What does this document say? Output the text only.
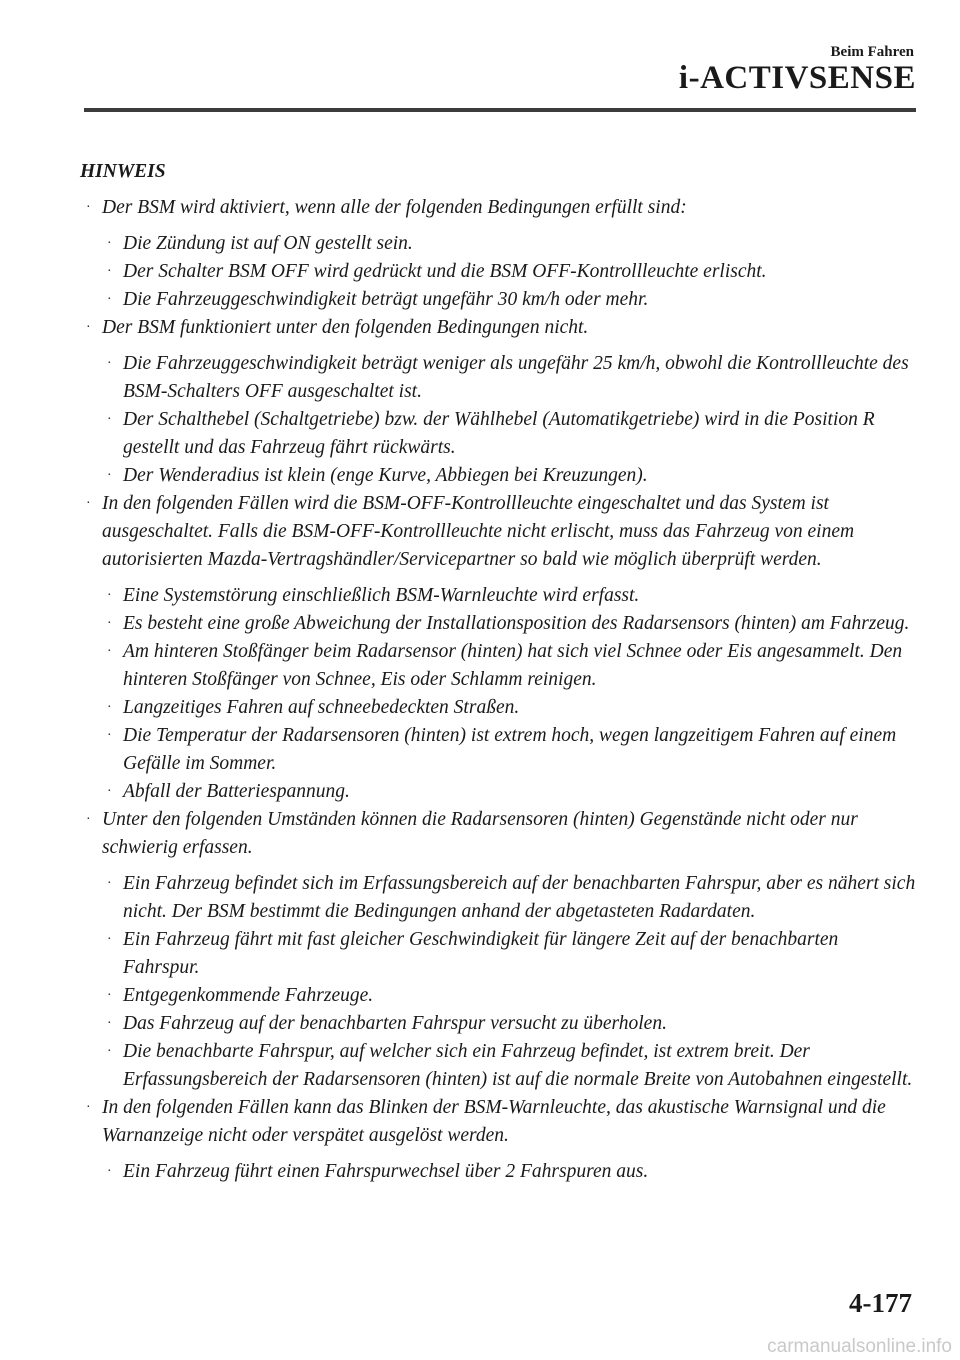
Beim Fahren
i-ACTIVSENSE
HINWEIS
· Der BSM wird aktiviert, wenn alle der folgenden Bedingungen erfüllt sind:
· Die Zündung ist auf ON gestellt sein.
· Der Schalter BSM OFF wird gedrückt und die BSM OFF-Kontrollleuchte erlischt.
· Die Fahrzeuggeschwindigkeit beträgt ungefähr 30 km/h oder mehr.
· Der BSM funktioniert unter den folgenden Bedingungen nicht.
· Die Fahrzeuggeschwindigkeit beträgt weniger als ungefähr 25 km/h, obwohl die Kontrollleuchte des BSM-Schalters OFF ausgeschaltet ist.
· Der Schalthebel (Schaltgetriebe) bzw. der Wählhebel (Automatikgetriebe) wird in die Position R gestellt und das Fahrzeug fährt rückwärts.
· Der Wenderadius ist klein (enge Kurve, Abbiegen bei Kreuzungen).
· In den folgenden Fällen wird die BSM-OFF-Kontrollleuchte eingeschaltet und das System ist ausgeschaltet. Falls die BSM-OFF-Kontrollleuchte nicht erlischt, muss das Fahrzeug von einem autorisierten Mazda-Vertragshändler/Servicepartner so bald wie möglich überprüft werden.
· Eine Systemstörung einschließlich BSM-Warnleuchte wird erfasst.
· Es besteht eine große Abweichung der Installationsposition des Radarsensors (hinten) am Fahrzeug.
· Am hinteren Stoßfänger beim Radarsensor (hinten) hat sich viel Schnee oder Eis angesammelt. Den hinteren Stoßfänger von Schnee, Eis oder Schlamm reinigen.
· Langzeitiges Fahren auf schneebedeckten Straßen.
· Die Temperatur der Radarsensoren (hinten) ist extrem hoch, wegen langzeitigem Fahren auf einem Gefälle im Sommer.
· Abfall der Batteriespannung.
· Unter den folgenden Umständen können die Radarsensoren (hinten) Gegenstände nicht oder nur schwierig erfassen.
· Ein Fahrzeug befindet sich im Erfassungsbereich auf der benachbarten Fahrspur, aber es nähert sich nicht. Der BSM bestimmt die Bedingungen anhand der abgetasteten Radardaten.
· Ein Fahrzeug fährt mit fast gleicher Geschwindigkeit für längere Zeit auf der benachbarten Fahrspur.
· Entgegenkommende Fahrzeuge.
· Das Fahrzeug auf der benachbarten Fahrspur versucht zu überholen.
· Die benachbarte Fahrspur, auf welcher sich ein Fahrzeug befindet, ist extrem breit. Der Erfassungsbereich der Radarsensoren (hinten) ist auf die normale Breite von Autobahnen eingestellt.
· In den folgenden Fällen kann das Blinken der BSM-Warnleuchte, das akustische Warnsignal und die Warnanzeige nicht oder verspätet ausgelöst werden.
· Ein Fahrzeug führt einen Fahrspurwechsel über 2 Fahrspuren aus.
4-177
carmanualsonline.info
